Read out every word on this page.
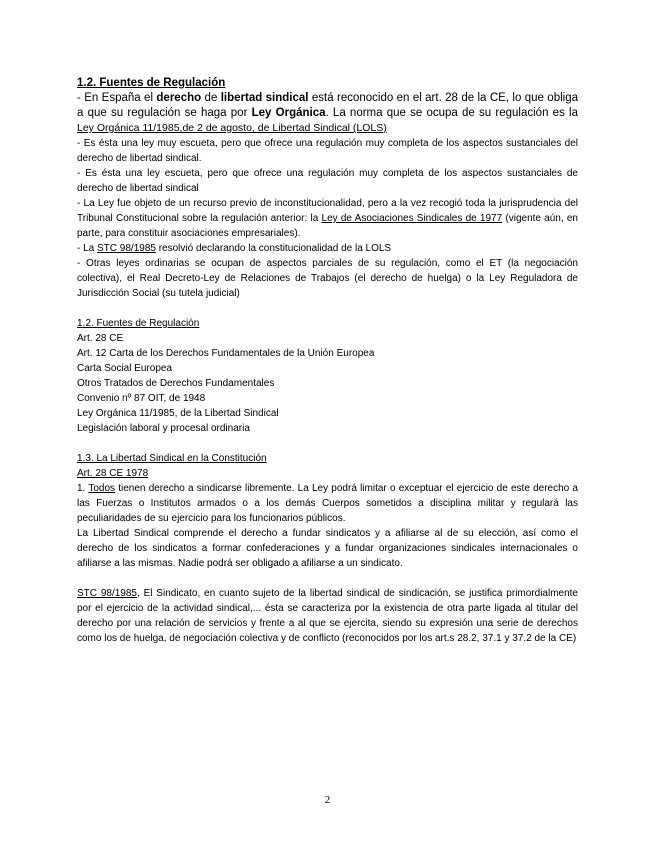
1.2. Fuentes de Regulación

- En España el derecho de libertad sindical está reconocido en el art. 28 de la CE, lo que obliga a que su regulación se haga por Ley Orgánica. La norma que se ocupa de su regulación es la Ley Orgánica 11/1985,de 2 de agosto, de Libertad Sindical (LOLS)

- Es ésta una ley muy escueta, pero que ofrece una regulación muy completa de los aspectos sustanciales del derecho de libertad sindical.

- Es ésta una ley escueta, pero que ofrece una regulación muy completa de los aspectos sustanciales de derecho de libertad sindical

- La Ley fue objeto de un recurso previo de inconstitucionalidad, pero a la vez recogió toda la jurisprudencia del Tribunal Constitucional sobre la regulación anterior: la Ley de Asociaciones Sindicales de 1977 (vigente aún, en parte, para constituir asociaciones empresariales).

- La STC 98/1985 resolvió declarando la constitucionalidad de la LOLS

- Otras leyes ordinarias se ocupan de aspectos parciales de su regulación, como el ET (la negociación colectiva), el Real Decreto-Ley de Relaciones de Trabajos (el derecho de huelga) o la Ley Reguladora de Jurisdicción Social (su tutela judicial)

1.2. Fuentes de Regulación
Art. 28 CE
Art. 12 Carta de los Derechos Fundamentales de la Unión Europea
Carta Social Europea
Otros Tratados de Derechos Fundamentales
Convenio nº 87 OIT, de 1948
Ley Orgánica 11/1985, de la Libertad Sindical
Legislación laboral y procesal ordinaria
1.3. La Libertad Sindical en la Constitución
Art. 28 CE 1978

1. Todos tienen derecho a sindicarse libremente. La Ley podrá limitar o exceptuar el ejercicio de este derecho a las Fuerzas o Institutos armados o a los demás Cuerpos sometidos a disciplina militar y regulará las peculiaridades de su ejercicio para los funcionarios públicos.

La Libertad Sindical comprende el derecho a fundar sindicatos y a afiliarse al de su elección, así como el derecho de los sindicatos a formar confederaciones y a fundar organizaciones sindicales internacionales o afiliarse a las mismas. Nadie podrá ser obligado a afiliarse a un sindicato.

STC 98/1985, El Sindicato, en cuanto sujeto de la libertad sindical de sindicación, se justifica primordialmente por el ejercicio de la actividad sindical,... ésta se caracteriza por la existencia de otra parte ligada al titular del derecho por una relación de servicios y frente a al que se ejercita, siendo su expresión una serie de derechos como los de huelga, de negociación colectiva y de conflicto (reconocidos por los art.s 28.2, 37.1 y 37.2 de la CE)

2
